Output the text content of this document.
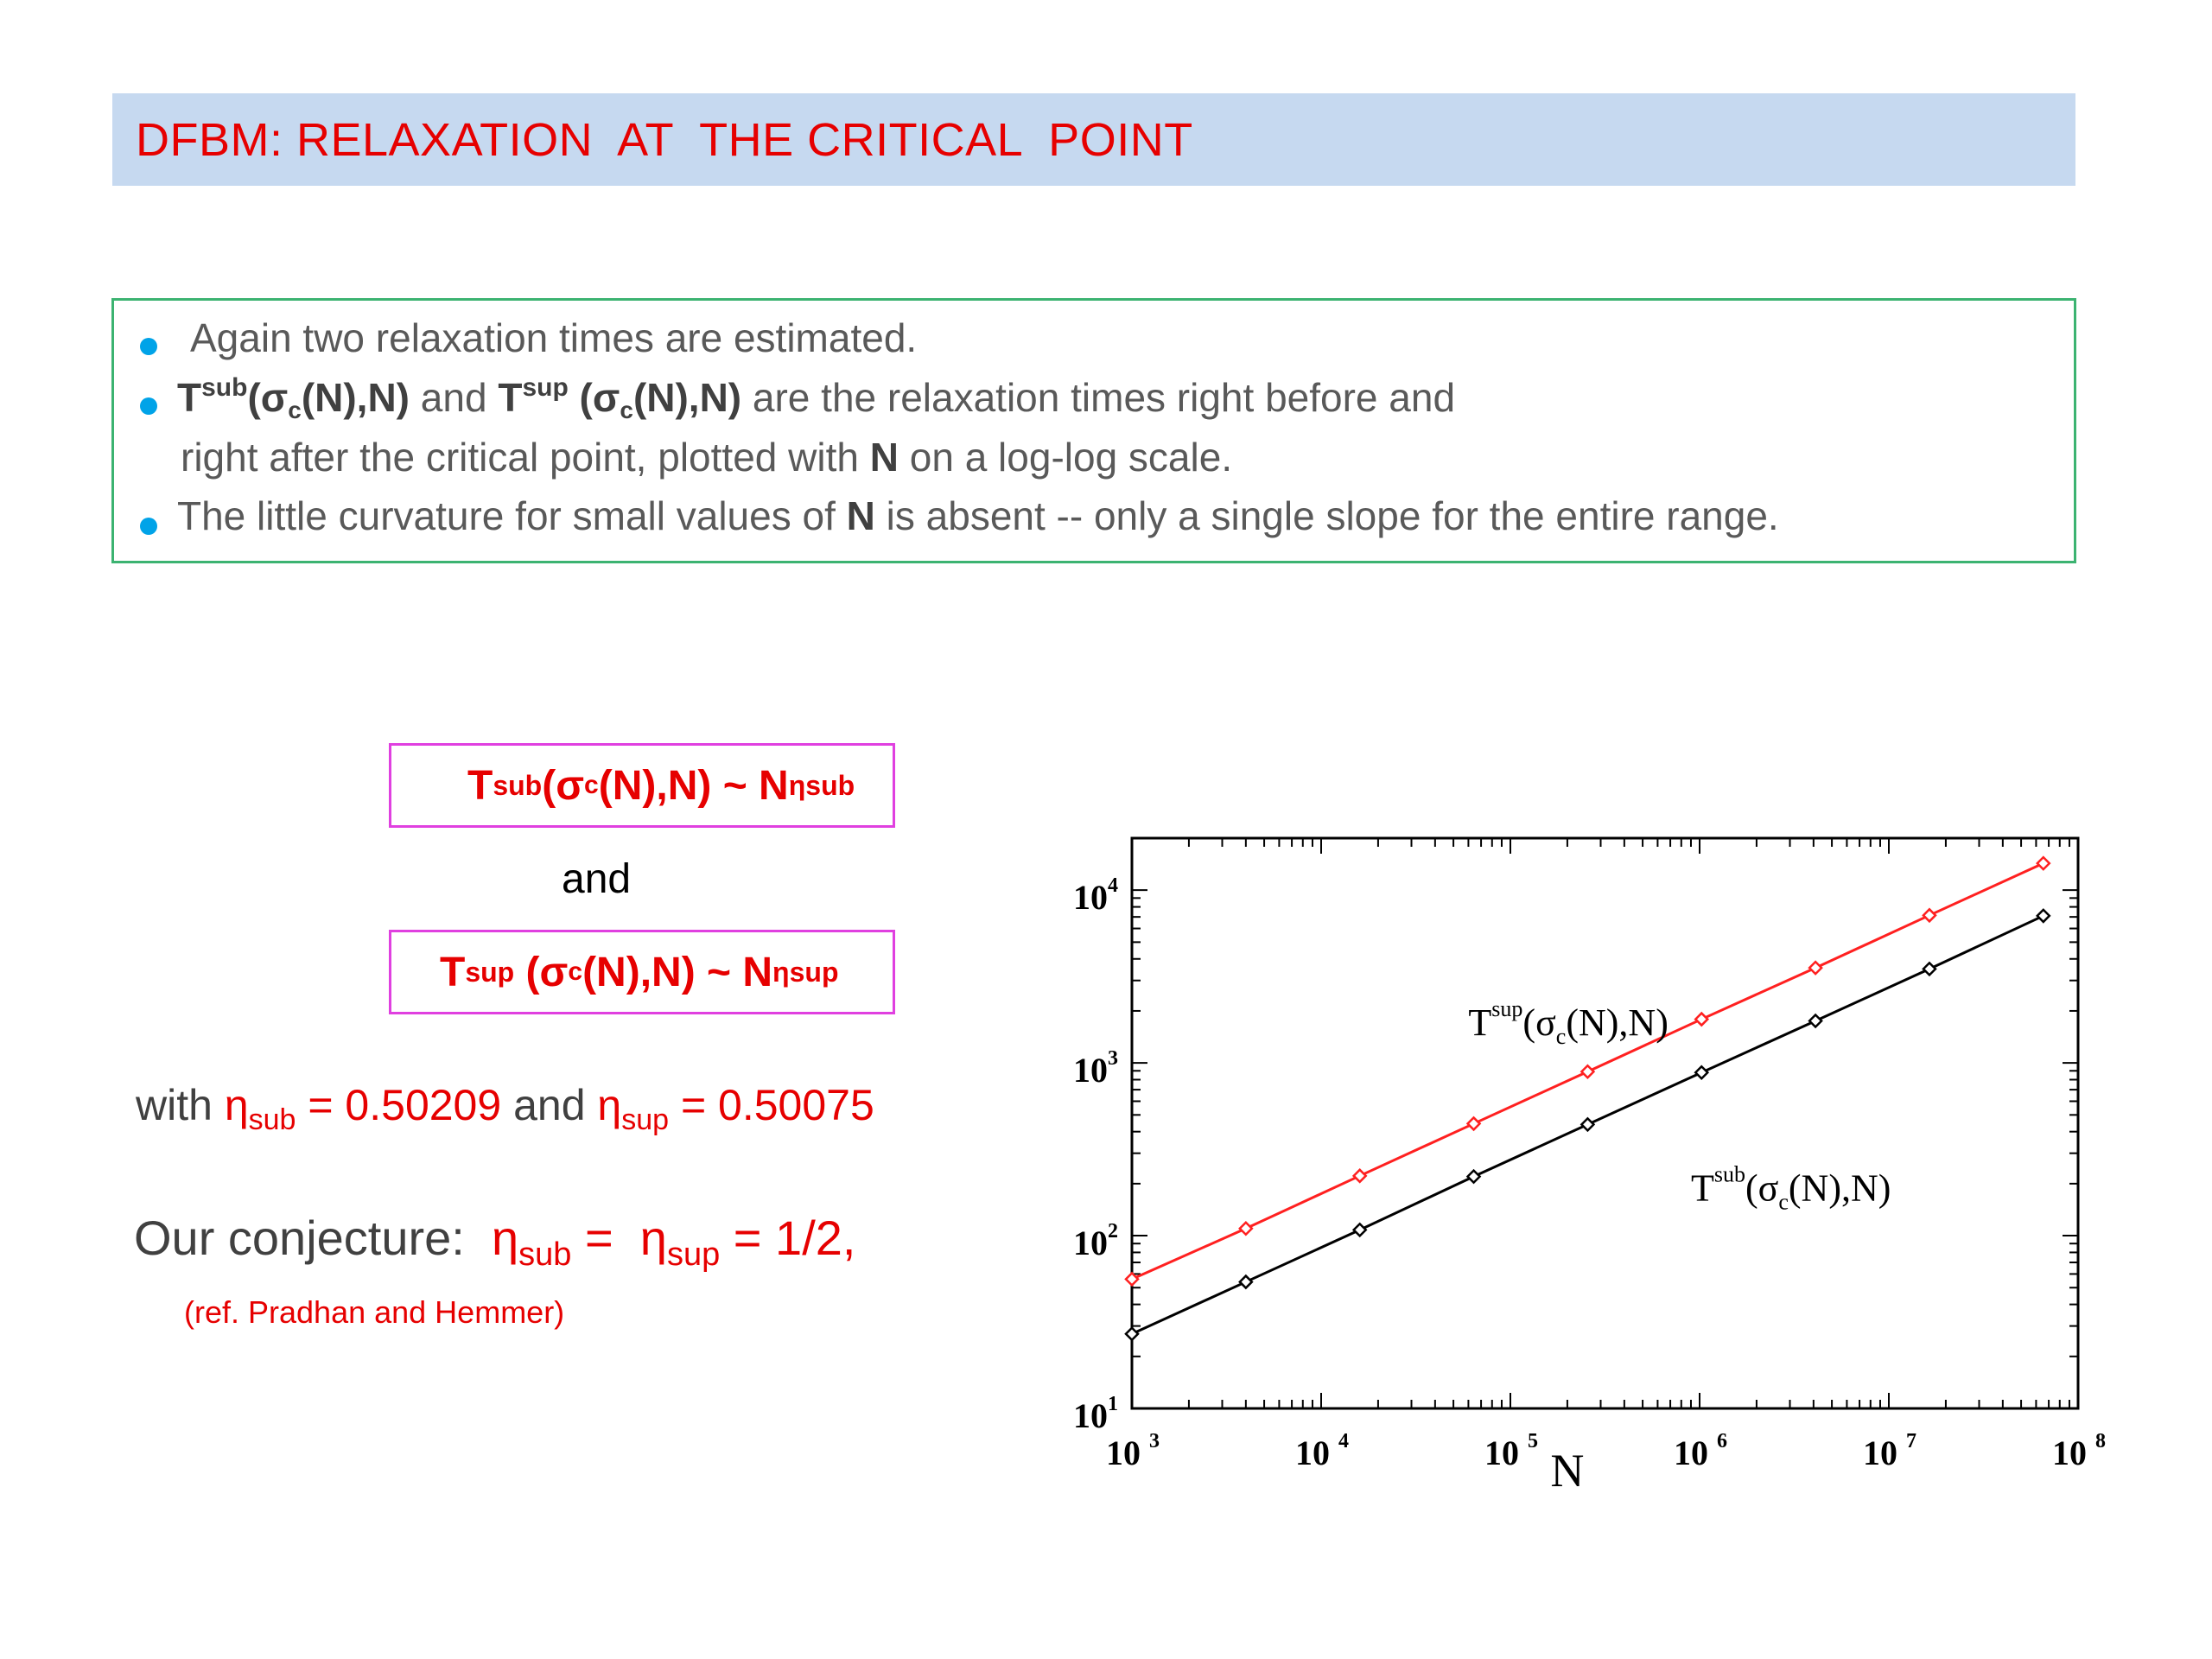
DFBM: RELAXATION  AT  THE CRITICAL  POINT
Again two relaxation times are estimated.
$T^{sub}(\sigma_c(N),N)$ and $T^{sup}$ $(\sigma_c(N),N)$ are the relaxation times right before and
right after the critical point, plotted with N on a log-log scale.
The little curvature for small values of N is absent -- only a single slope for the entire range.
T sub (σ c (N),N) ~ N ηsub
and
T sup (σ c (N),N) ~ N ηsup
with $\eta_{sub} = 0.50209$ and $\eta_{sup} = 0.50075$
Our conjecture:  $\eta_{sub} = \eta_{sup} = 1/2$,
(ref. Pradhan and Hemmer)
10 3	10 4	10 5	10 6	10 7	10 8
10 1
10 2
10 3
10 4
N
$T^{sup}(\sigma_c(N),N)$
$T^{sub}(\sigma_c(N),N)$
